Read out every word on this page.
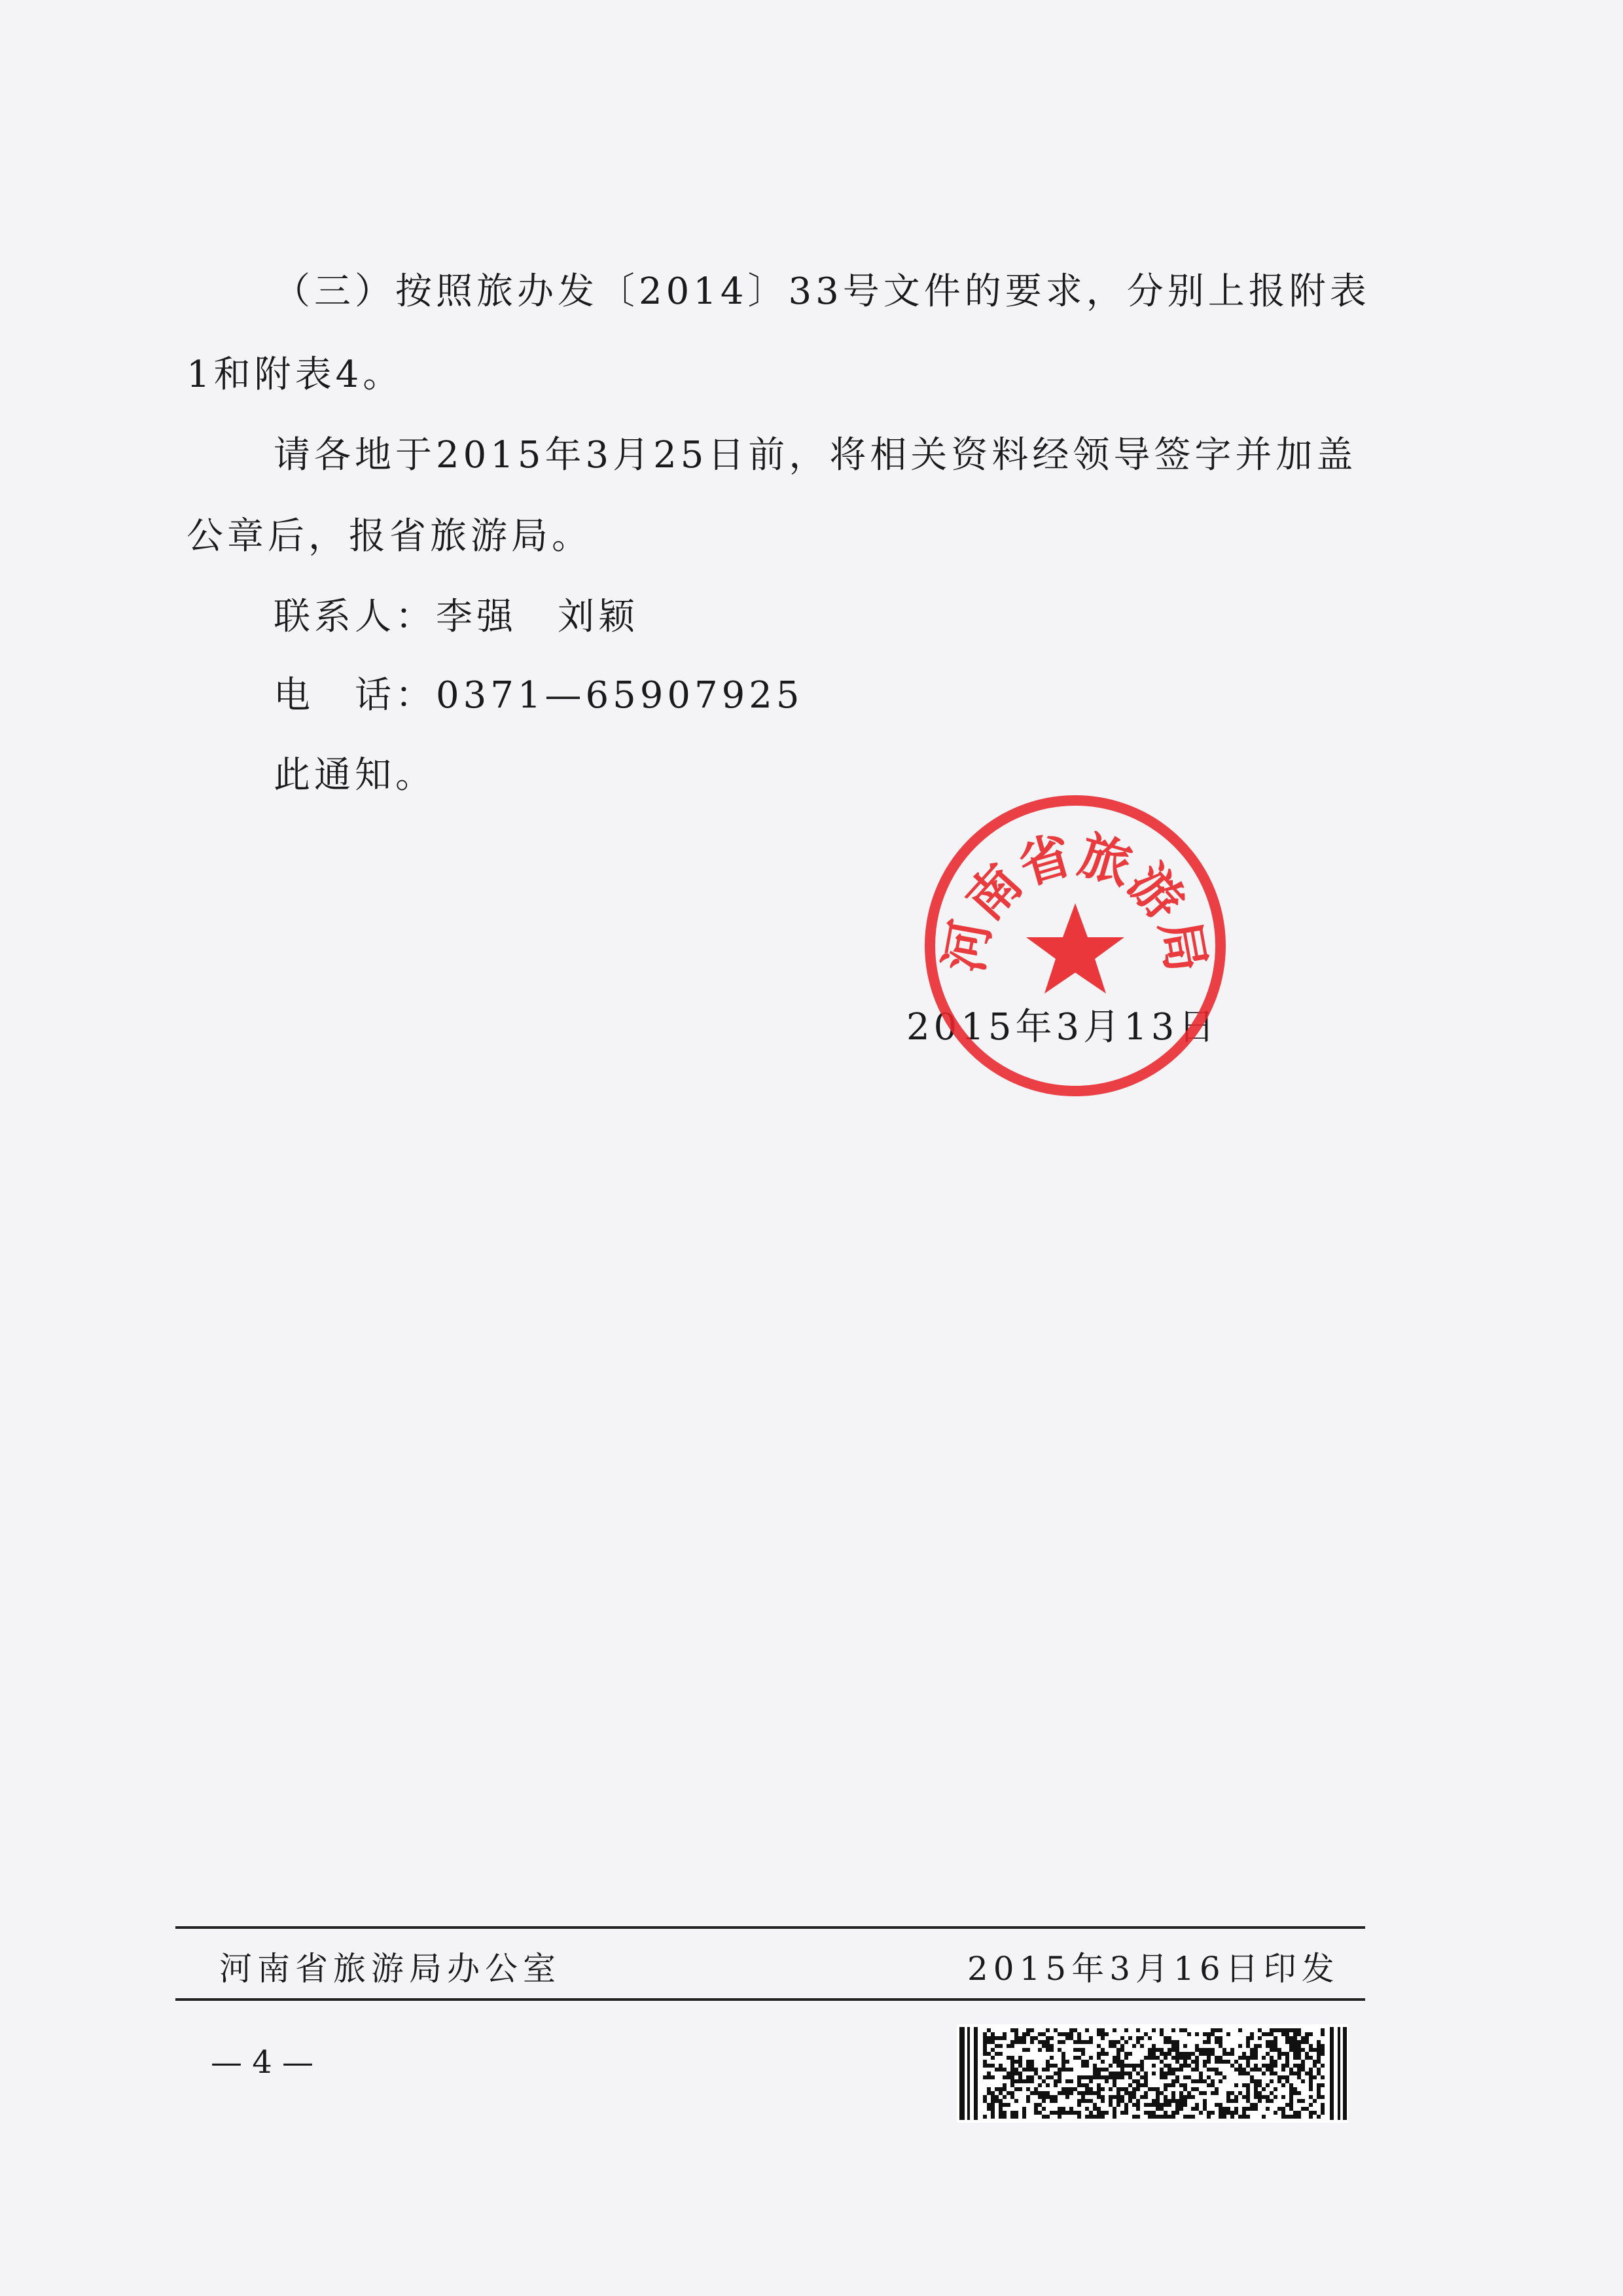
（三）按照旅办发〔2014〕33号文件的要求，分别上报附表
1和附表4。
请各地于2015年3月25日前，将相关资料经领导签字并加盖
公章后，报省旅游局。
联系人：李强　刘颖
电　话：0371—65907925
此通知。
2015年3月13日
河南省旅游局
河南省旅游局办公室	2015年3月16日印发
— 4 —
